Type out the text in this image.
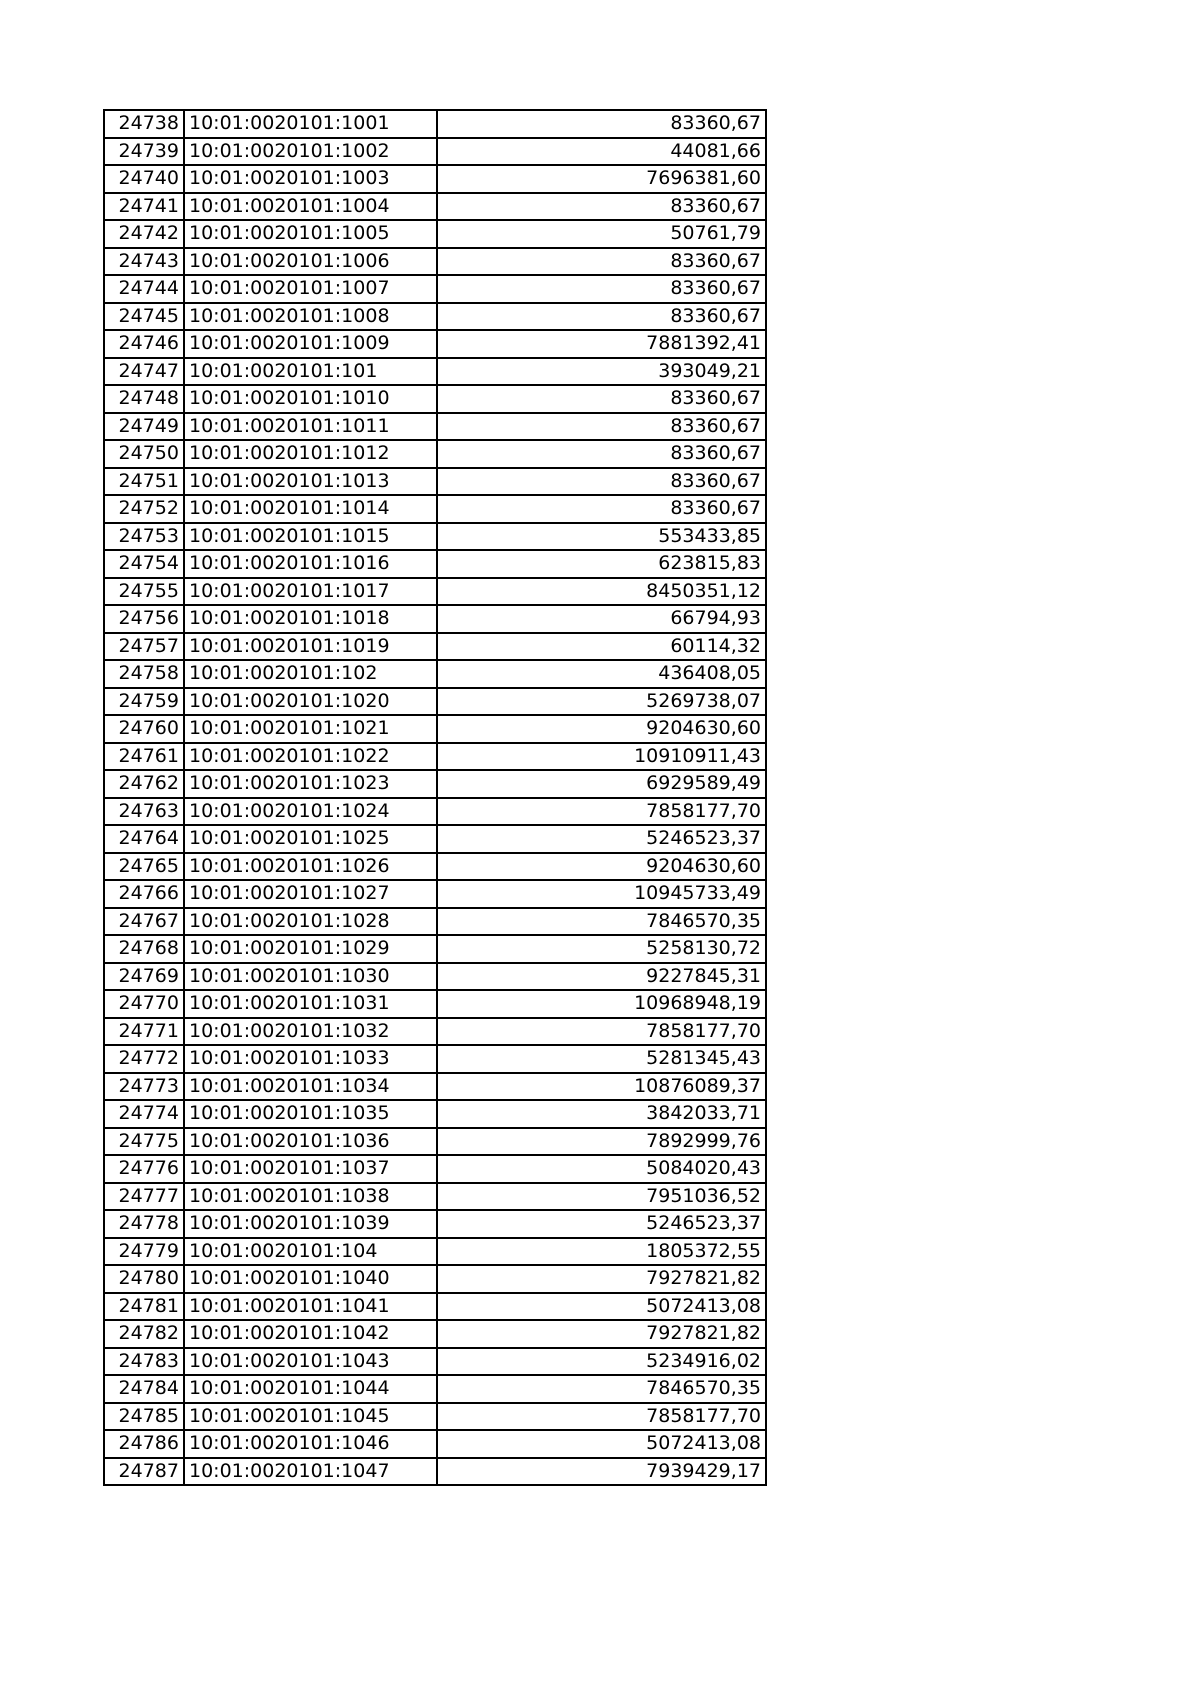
24738	10:01:0020101:1001	83360,67
24739	10:01:0020101:1002	44081,66
24740	10:01:0020101:1003	7696381,60
24741	10:01:0020101:1004	83360,67
24742	10:01:0020101:1005	50761,79
24743	10:01:0020101:1006	83360,67
24744	10:01:0020101:1007	83360,67
24745	10:01:0020101:1008	83360,67
24746	10:01:0020101:1009	7881392,41
24747	10:01:0020101:101	393049,21
24748	10:01:0020101:1010	83360,67
24749	10:01:0020101:1011	83360,67
24750	10:01:0020101:1012	83360,67
24751	10:01:0020101:1013	83360,67
24752	10:01:0020101:1014	83360,67
24753	10:01:0020101:1015	553433,85
24754	10:01:0020101:1016	623815,83
24755	10:01:0020101:1017	8450351,12
24756	10:01:0020101:1018	66794,93
24757	10:01:0020101:1019	60114,32
24758	10:01:0020101:102	436408,05
24759	10:01:0020101:1020	5269738,07
24760	10:01:0020101:1021	9204630,60
24761	10:01:0020101:1022	10910911,43
24762	10:01:0020101:1023	6929589,49
24763	10:01:0020101:1024	7858177,70
24764	10:01:0020101:1025	5246523,37
24765	10:01:0020101:1026	9204630,60
24766	10:01:0020101:1027	10945733,49
24767	10:01:0020101:1028	7846570,35
24768	10:01:0020101:1029	5258130,72
24769	10:01:0020101:1030	9227845,31
24770	10:01:0020101:1031	10968948,19
24771	10:01:0020101:1032	7858177,70
24772	10:01:0020101:1033	5281345,43
24773	10:01:0020101:1034	10876089,37
24774	10:01:0020101:1035	3842033,71
24775	10:01:0020101:1036	7892999,76
24776	10:01:0020101:1037	5084020,43
24777	10:01:0020101:1038	7951036,52
24778	10:01:0020101:1039	5246523,37
24779	10:01:0020101:104	1805372,55
24780	10:01:0020101:1040	7927821,82
24781	10:01:0020101:1041	5072413,08
24782	10:01:0020101:1042	7927821,82
24783	10:01:0020101:1043	5234916,02
24784	10:01:0020101:1044	7846570,35
24785	10:01:0020101:1045	7858177,70
24786	10:01:0020101:1046	5072413,08
24787	10:01:0020101:1047	7939429,17
